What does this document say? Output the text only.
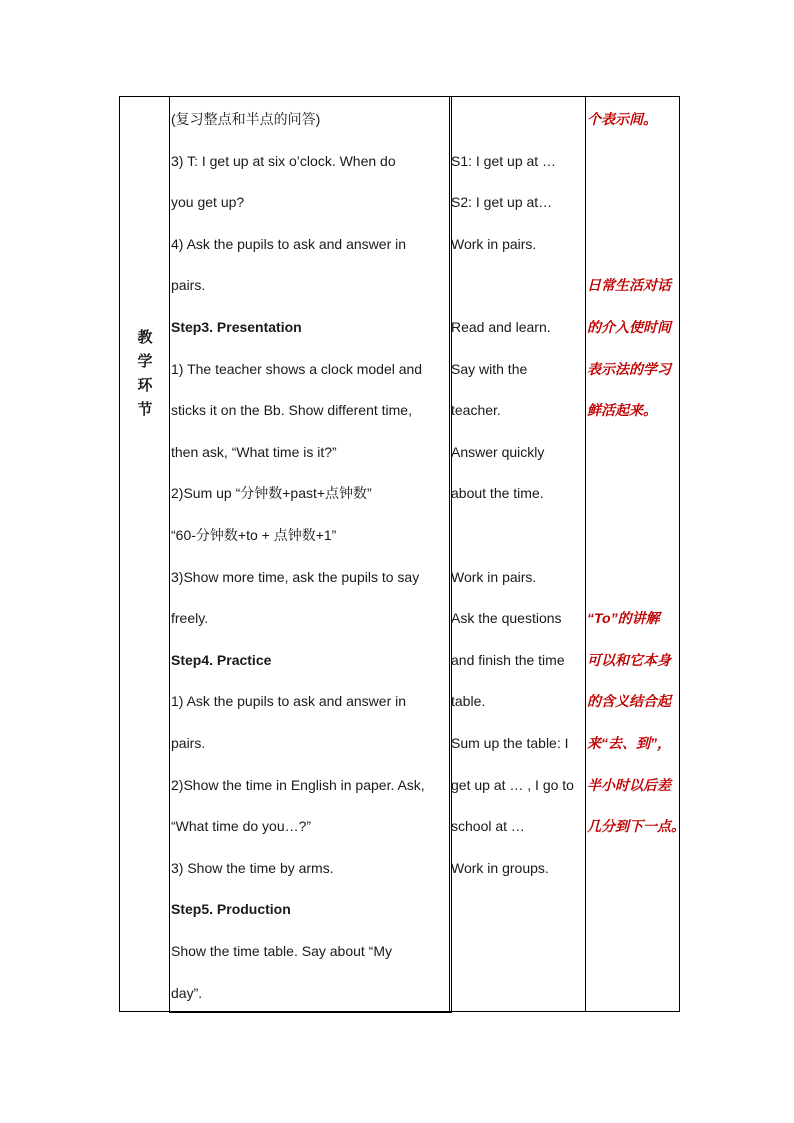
教
学
环
节
(复习整点和半点的问答)
3) T: I get up at six o’clock. When do
you get up?
4) Ask the pupils to ask and answer in
pairs.
Step3. Presentation
1) The teacher shows a clock model and
sticks it on the Bb. Show different time,
then ask, “What time is it?”
2)Sum up “分钟数+past+点钟数”
“60-分钟数+to + 点钟数+1”
3)Show more time, ask the pupils to say
freely.
Step4. Practice
1) Ask the pupils to ask and answer in
pairs.
2)Show the time in English in paper. Ask,
“What time do you…?”
3) Show the time by arms.
Step5. Production
Show the time table. Say about “My
day”.
S1: I get up at …
S2: I get up at…
Work in pairs.
Read and learn.
Say with the
teacher.
Answer quickly
about the time.
Work in pairs.
Ask the questions
and finish the time
table.
Sum up the table: I
get up at … , I go to
school at …
Work in groups.
个表示间。
日常生活对话
的介入使时间
表示法的学习
鲜活起来。
“To”的讲解
可以和它本身
的含义结合起
来“去、到”，
半小时以后差
几分到下一点。
